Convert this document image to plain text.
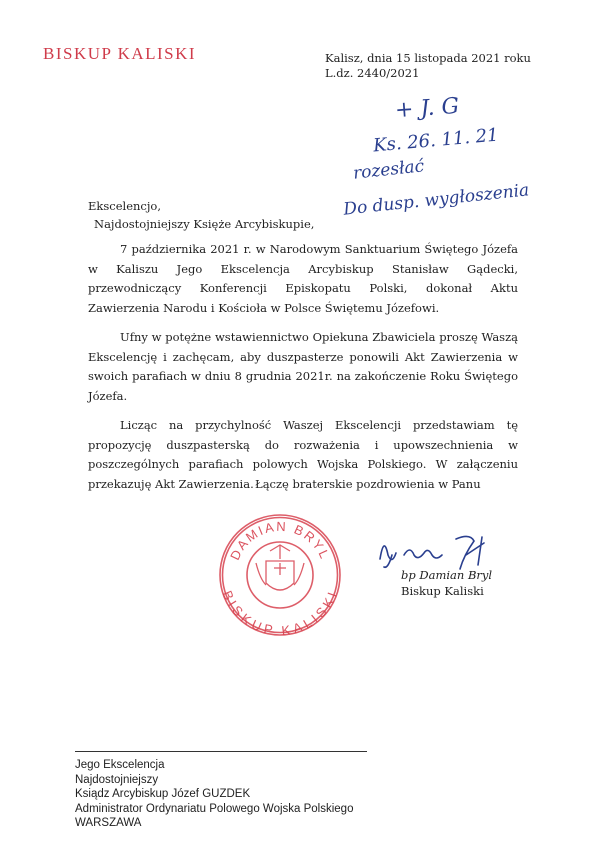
BISKUP KALISKI	Kalisz, dnia 15 listopada 2021 roku
L.dz. 2440/2021
+ J. G
Ks. 26. 11. 21
rozesłać
Do dusp. wygłoszenia
Ekscelencjo,
Najdostojniejszy Księże Arcybiskupie,

7 października 2021 r. w Narodowym Sanktuarium Świętego Józefa w Kaliszu Jego Ekscelencja Arcybiskup Stanisław Gądecki, przewodniczący Konferencji Episkopatu Polski, dokonał Aktu Zawierzenia Narodu i Kościoła w Polsce Świętemu Józefowi.

Ufny w potężne wstawiennictwo Opiekuna Zbawiciela proszę Waszą Ekscelencję i zachęcam, aby duszpasterze ponowili Akt Zawierzenia w swoich parafiach w dniu 8 grudnia 2021r. na zakończenie Roku Świętego Józefa.

Licząc na przychylność Waszej Ekscelencji przedstawiam tę propozycję duszpasterską do rozważenia i upowszechnienia w poszczególnych parafiach polowych Wojska Polskiego. W załączeniu przekazuję Akt Zawierzenia. Łączę braterskie pozdrowienia w Panu
DAMIAN BRYL
BISKUP KALISKI
bp Damian Bryl
Biskup Kaliski
Jego Ekscelencja
Najdostojniejszy
Ksiądz Arcybiskup Józef GUZDEK
Administrator Ordynariatu Polowego Wojska Polskiego
WARSZAWA
